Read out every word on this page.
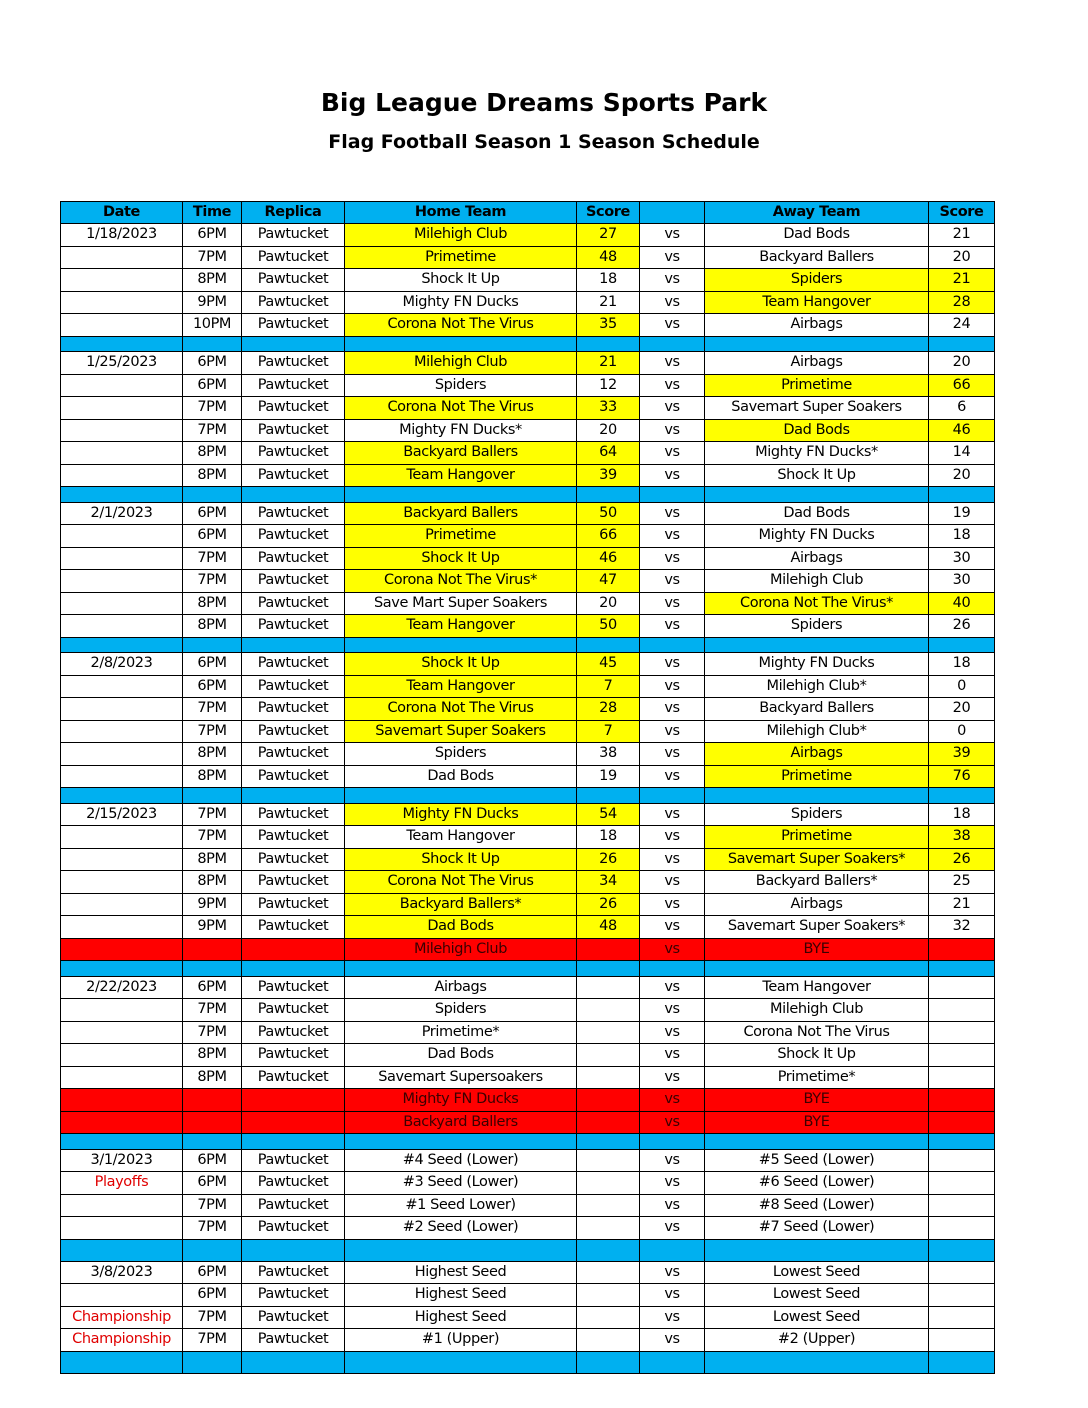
Big League Dreams Sports Park
Flag Football Season 1 Season Schedule
Date	Time	Replica	Home Team	Score		Away Team	Score
1/18/2023	6PM	Pawtucket	Milehigh Club	27	vs	Dad Bods	21
	7PM	Pawtucket	Primetime	48	vs	Backyard Ballers	20
	8PM	Pawtucket	Shock It Up	18	vs	Spiders	21
	9PM	Pawtucket	Mighty FN Ducks	21	vs	Team Hangover	28
	10PM	Pawtucket	Corona Not The Virus	35	vs	Airbags	24

1/25/2023	6PM	Pawtucket	Milehigh Club	21	vs	Airbags	20
	6PM	Pawtucket	Spiders	12	vs	Primetime	66
	7PM	Pawtucket	Corona Not The Virus	33	vs	Savemart Super Soakers	6
	7PM	Pawtucket	Mighty FN Ducks*	20	vs	Dad Bods	46
	8PM	Pawtucket	Backyard Ballers	64	vs	Mighty FN Ducks*	14
	8PM	Pawtucket	Team Hangover	39	vs	Shock It Up	20

2/1/2023	6PM	Pawtucket	Backyard Ballers	50	vs	Dad Bods	19
	6PM	Pawtucket	Primetime	66	vs	Mighty FN Ducks	18
	7PM	Pawtucket	Shock It Up	46	vs	Airbags	30
	7PM	Pawtucket	Corona Not The Virus*	47	vs	Milehigh Club	30
	8PM	Pawtucket	Save Mart Super Soakers	20	vs	Corona Not The Virus*	40
	8PM	Pawtucket	Team Hangover	50	vs	Spiders	26

2/8/2023	6PM	Pawtucket	Shock It Up	45	vs	Mighty FN Ducks	18
	6PM	Pawtucket	Team Hangover	7	vs	Milehigh Club*	0
	7PM	Pawtucket	Corona Not The Virus	28	vs	Backyard Ballers	20
	7PM	Pawtucket	Savemart Super Soakers	7	vs	Milehigh Club*	0
	8PM	Pawtucket	Spiders	38	vs	Airbags	39
	8PM	Pawtucket	Dad Bods	19	vs	Primetime	76

2/15/2023	7PM	Pawtucket	Mighty FN Ducks	54	vs	Spiders	18
	7PM	Pawtucket	Team Hangover	18	vs	Primetime	38
	8PM	Pawtucket	Shock It Up	26	vs	Savemart Super Soakers*	26
	8PM	Pawtucket	Corona Not The Virus	34	vs	Backyard Ballers*	25
	9PM	Pawtucket	Backyard Ballers*	26	vs	Airbags	21
	9PM	Pawtucket	Dad Bods	48	vs	Savemart Super Soakers*	32
			Milehigh Club		vs	BYE	

2/22/2023	6PM	Pawtucket	Airbags		vs	Team Hangover	
	7PM	Pawtucket	Spiders		vs	Milehigh Club	
	7PM	Pawtucket	Primetime*		vs	Corona Not The Virus	
	8PM	Pawtucket	Dad Bods		vs	Shock It Up	
	8PM	Pawtucket	Savemart Supersoakers		vs	Primetime*	
			Mighty FN Ducks		vs	BYE	
			Backyard Ballers		vs	BYE	

3/1/2023	6PM	Pawtucket	#4 Seed (Lower)		vs	#5 Seed (Lower)	
Playoffs	6PM	Pawtucket	#3 Seed (Lower)		vs	#6 Seed (Lower)	
	7PM	Pawtucket	#1 Seed Lower)		vs	#8 Seed (Lower)	
	7PM	Pawtucket	#2 Seed (Lower)		vs	#7 Seed (Lower)	

3/8/2023	6PM	Pawtucket	Highest Seed		vs	Lowest Seed	
	6PM	Pawtucket	Highest Seed		vs	Lowest Seed	
Championship	7PM	Pawtucket	Highest Seed		vs	Lowest Seed	
Championship	7PM	Pawtucket	#1 (Upper)		vs	#2 (Upper)	
